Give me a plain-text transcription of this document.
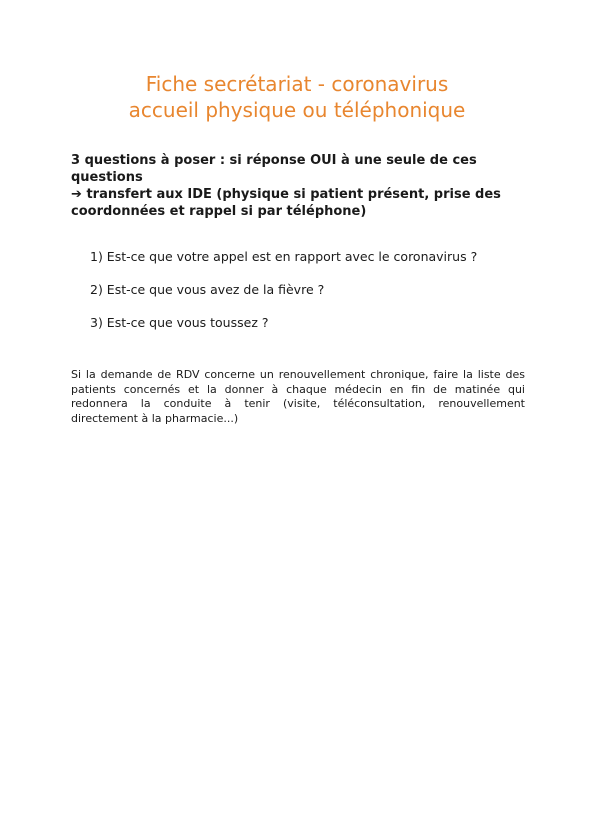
Fiche secrétariat - coronavirus
accueil physique ou téléphonique

3 questions à poser : si réponse OUI à une seule de ces questions

➔ transfert aux IDE (physique si patient présent, prise des coordonnées et rappel si par téléphone)

1) Est-ce que votre appel est en rapport avec le coronavirus ?
2) Est-ce que vous avez de la fièvre ?
3) Est-ce que vous toussez ?

Si la demande de RDV concerne un renouvellement chronique, faire la liste des patients concernés et la donner à chaque médecin en fin de matinée qui redonnera la conduite à tenir (visite, téléconsultation, renouvellement directement à la pharmacie...)
